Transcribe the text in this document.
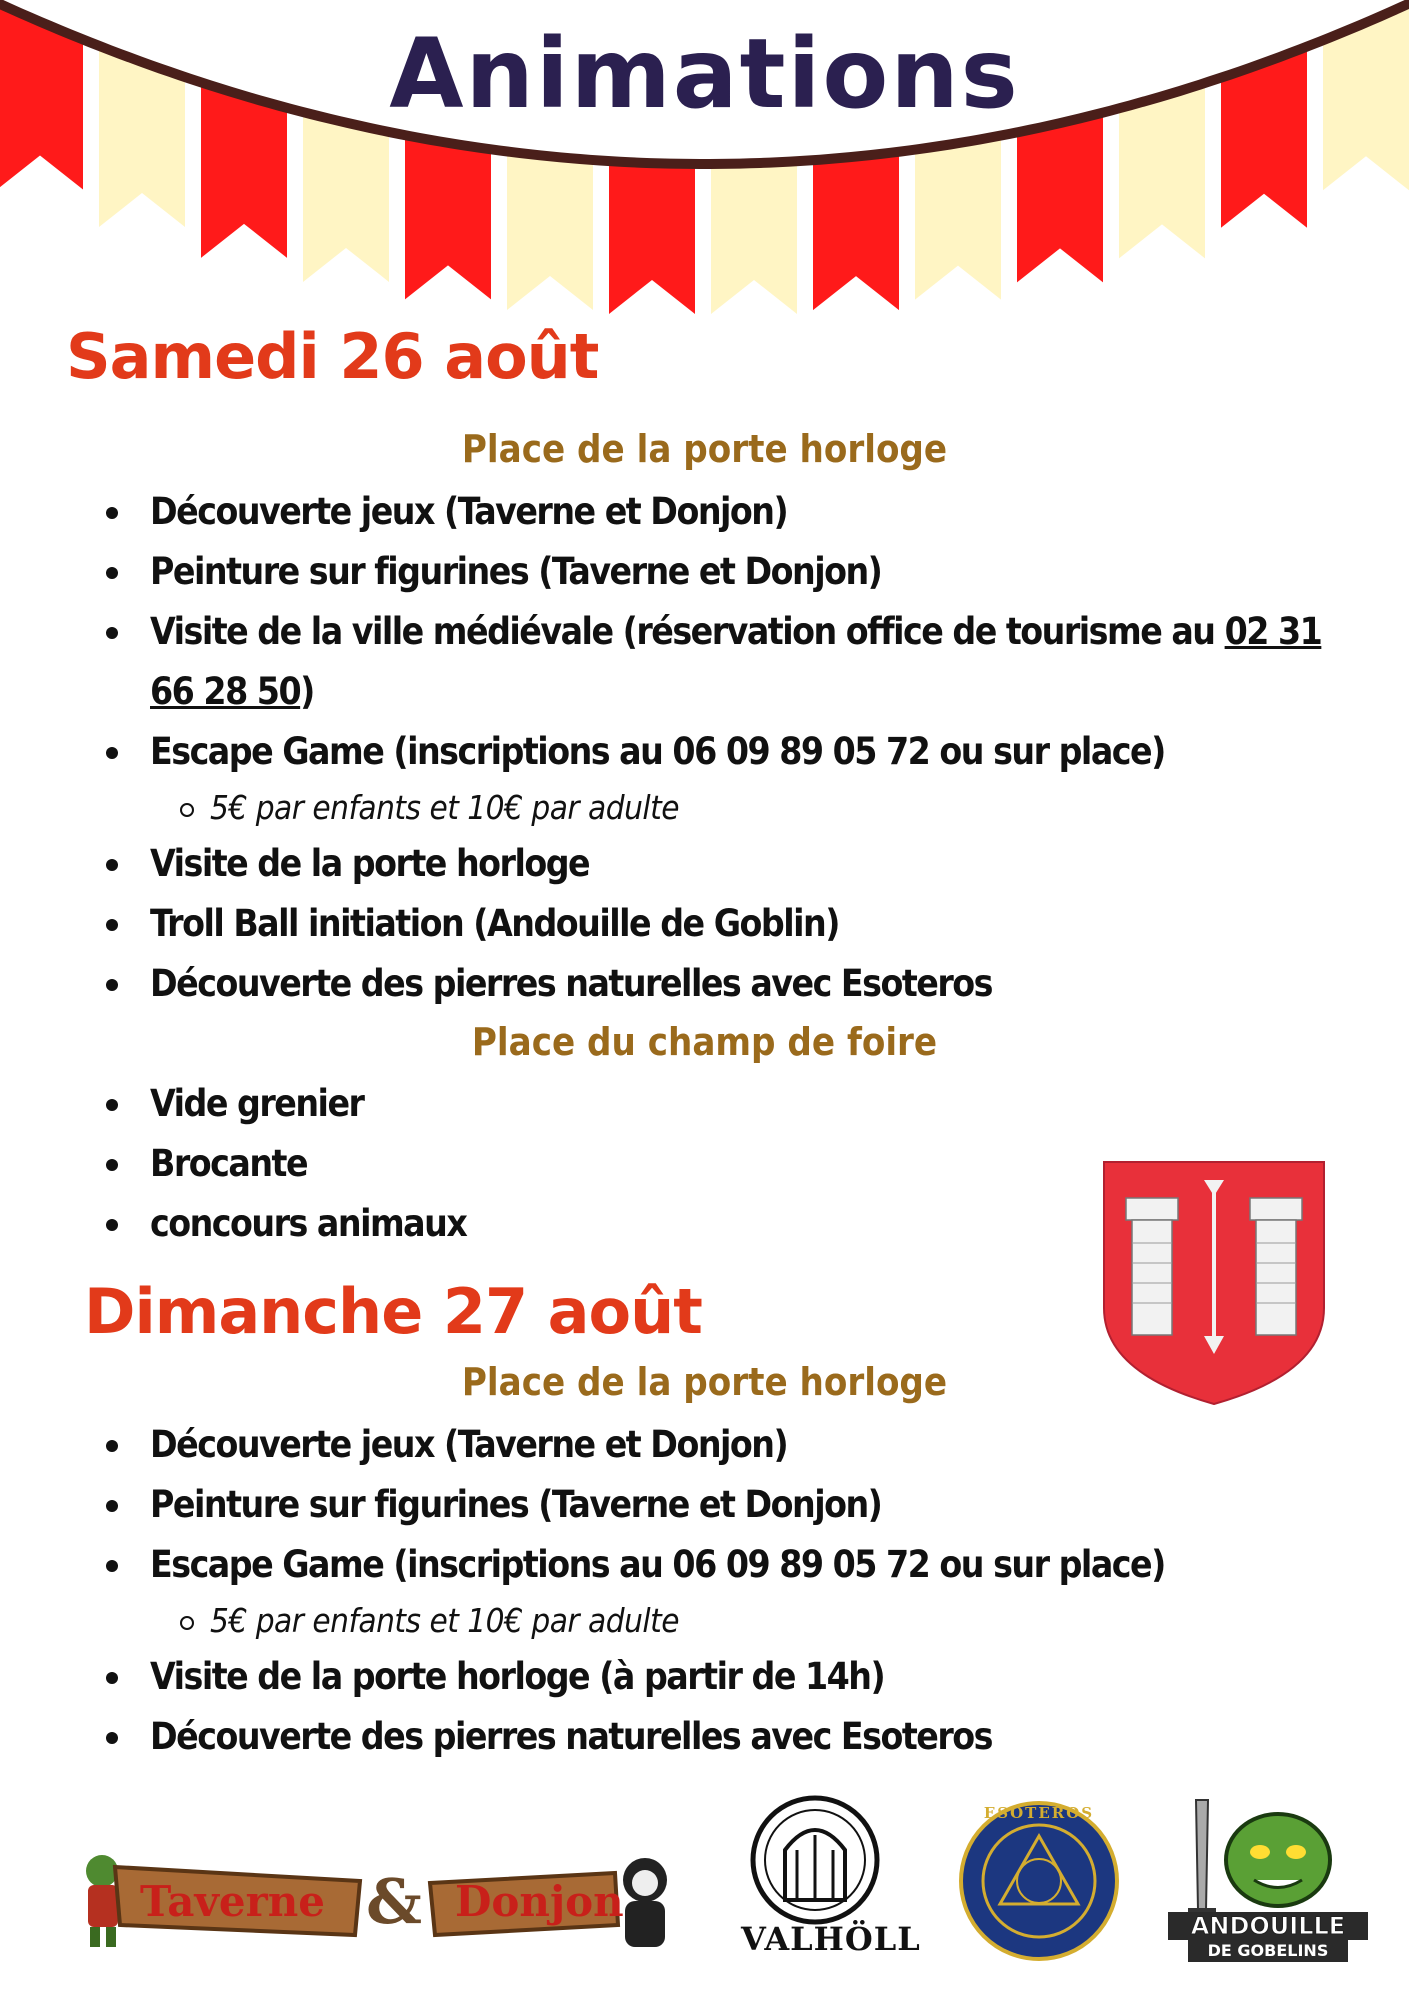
Animations
Samedi 26 août

Place de la porte horloge

Découverte jeux (Taverne et Donjon)
Peinture sur figurines (Taverne et Donjon)
Visite de la ville médiévale (réservation office de tourisme au 02 31 66 28 50)
Escape Game (inscriptions au 06 09 89 05 72 ou sur place)
5€ par enfants et 10€ par adulte
Visite de la porte horloge
Troll Ball initiation (Andouille de Goblin)
Découverte des pierres naturelles avec Esoteros

Place du champ de foire

Vide grenier
Brocante
concours animaux
Dimanche 27 août

Place de la porte horloge

Découverte jeux (Taverne et Donjon)
Peinture sur figurines (Taverne et Donjon)
Escape Game (inscriptions au 06 09 89 05 72 ou sur place)
5€ par enfants et 10€ par adulte
Visite de la porte horloge (à partir de 14h)
Découverte des pierres naturelles avec Esoteros
Taverne & Donjon
VALHÖLL
ESOTEROS
ANDOUILLE
DE GOBELINS
